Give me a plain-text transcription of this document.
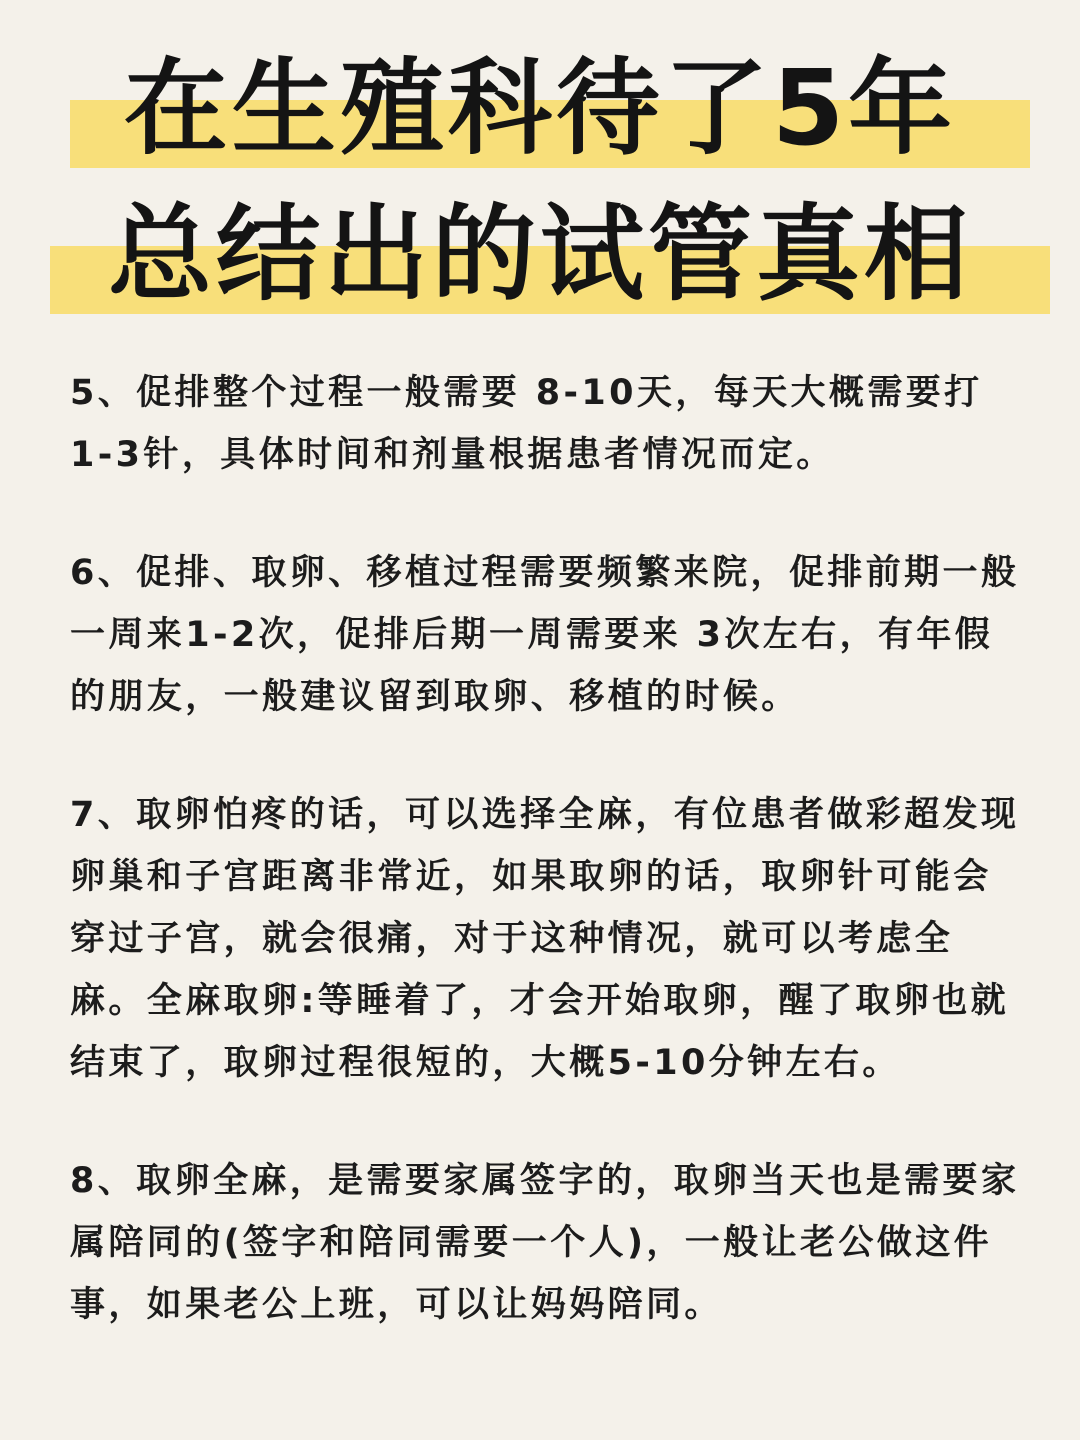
在生殖科待了5年
总结出的试管真相

5、促排整个过程一般需要 8-10天，每天大概需要打1-3针，具体时间和剂量根据患者情况而定。

6、促排、取卵、移植过程需要频繁来院，促排前期一般一周来1-2次，促排后期一周需要来 3次左右，有年假的朋友，一般建议留到取卵、移植的时候。

7、取卵怕疼的话，可以选择全麻，有位患者做彩超发现卵巢和子宫距离非常近，如果取卵的话，取卵针可能会穿过子宫，就会很痛，对于这种情况，就可以考虑全麻。全麻取卵:等睡着了，才会开始取卵，醒了取卵也就结束了，取卵过程很短的，大概5-10分钟左右。

8、取卵全麻，是需要家属签字的，取卵当天也是需要家属陪同的(签字和陪同需要一个人)，一般让老公做这件事，如果老公上班，可以让妈妈陪同。
